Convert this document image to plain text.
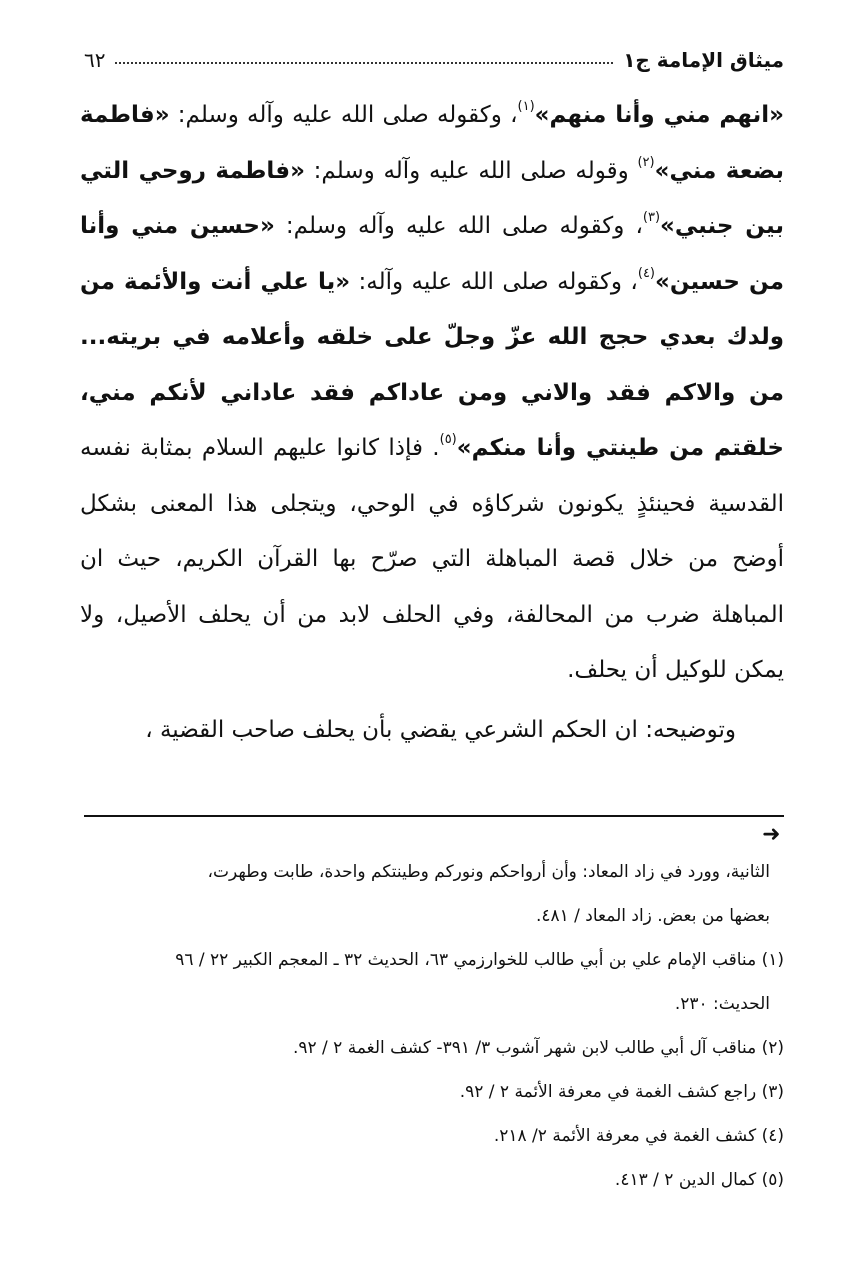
ميثاق الإمامة ج١
٦٢

«انهم مني وأنا منهم»$^{(١)}$، وكقوله صلى الله عليه وآله وسلم: «فاطمة بضعة مني»$^{(٢)}$ وقوله صلى الله عليه وآله وسلم: «فاطمة روحي التي بين جنبي»$^{(٣)}$، وكقوله صلى الله عليه وآله وسلم: «حسين مني وأنا من حسين»$^{(٤)}$، وكقوله صلى الله عليه وآله: «يا علي أنت والأئمة من ولدك بعدي حجج الله عزّ وجلّ على خلقه وأعلامه في بريته... من والاكم فقد والاني ومن عاداكم فقد عاداني لأنكم مني، خلقتم من طينتي وأنا منكم»$^{(٥)}$. فإذا كانوا عليهم السلام بمثابة نفسه القدسية فحينئذٍ يكونون شركاؤه في الوحي، ويتجلى هذا المعنى بشكل أوضح من خلال قصة المباهلة التي صرّح بها القرآن الكريم، حيث ان المباهلة ضرب من المحالفة، وفي الحلف لابد من أن يحلف الأصيل، ولا يمكن للوكيل أن يحلف.

وتوضيحه: ان الحكم الشرعي يقضي بأن يحلف صاحب القضية ،

➜

الثانية، وورد في زاد المعاد: وأن أرواحكم ونوركم وطينتكم واحدة، طابت وطهرت،
بعضها من بعض. زاد المعاد / ٤٨١.

(١) مناقب الإمام علي بن أبي طالب للخوارزمي ٦٣، الحديث ٣٢ ـ المعجم الكبير ٢٢ / ٩٦
الحديث: ٢٣٠.

(٢) مناقب آل أبي طالب لابن شهر آشوب ٣/ ٣٩١- كشف الغمة ٢ / ٩٢.

(٣) راجع كشف الغمة في معرفة الأئمة ٢ / ٩٢.

(٤) كشف الغمة في معرفة الأئمة ٢/ ٢١٨.

(٥) كمال الدين ٢ / ٤١٣.
